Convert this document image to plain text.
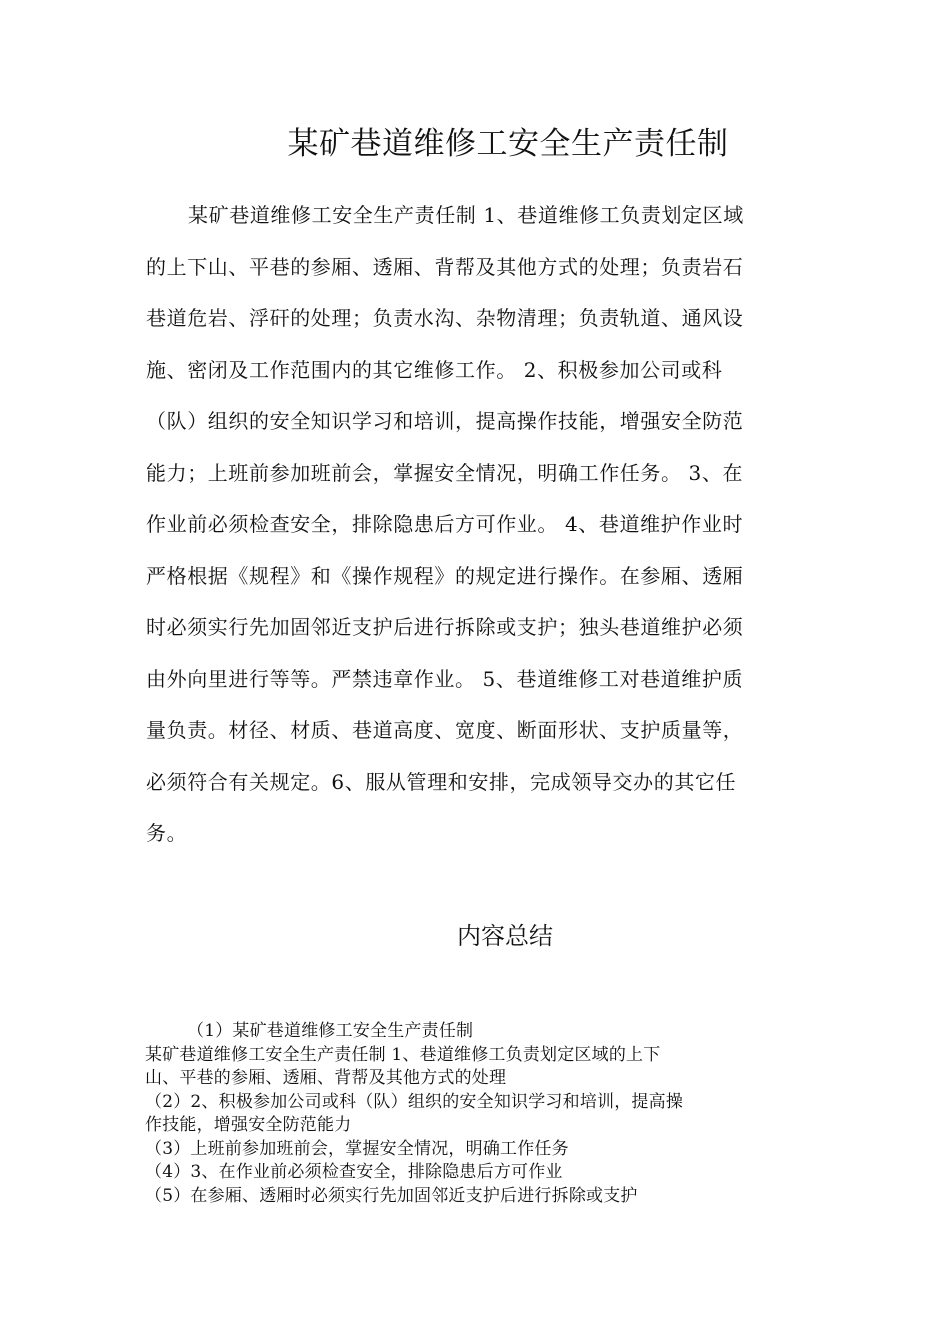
某矿巷道维修工安全生产责任制
某矿巷道维修工安全生产责任制 1、巷道维修工负责划定区域
的上下山、平巷的参厢、透厢、背帮及其他方式的处理；负责岩石
巷道危岩、浮矸的处理；负责水沟、杂物清理；负责轨道、通风设
施、密闭及工作范围内的其它维修工作。 2、积极参加公司或科
（队）组织的安全知识学习和培训，提高操作技能，增强安全防范
能力；上班前参加班前会，掌握安全情况，明确工作任务。 3、在
作业前必须检查安全，排除隐患后方可作业。 4、巷道维护作业时
严格根据《规程》和《操作规程》的规定进行操作。在参厢、透厢
时必须实行先加固邻近支护后进行拆除或支护；独头巷道维护必须
由外向里进行等等。严禁违章作业。 5、巷道维修工对巷道维护质
量负责。材径、材质、巷道高度、宽度、断面形状、支护质量等，
必须符合有关规定。6、服从管理和安排，完成领导交办的其它任
务。
内容总结
（1）某矿巷道维修工安全生产责任制
某矿巷道维修工安全生产责任制 1、巷道维修工负责划定区域的上下
山、平巷的参厢、透厢、背帮及其他方式的处理
（2）2、积极参加公司或科（队）组织的安全知识学习和培训，提高操
作技能，增强安全防范能力
（3）上班前参加班前会，掌握安全情况，明确工作任务
（4）3、在作业前必须检查安全，排除隐患后方可作业
（5）在参厢、透厢时必须实行先加固邻近支护后进行拆除或支护
